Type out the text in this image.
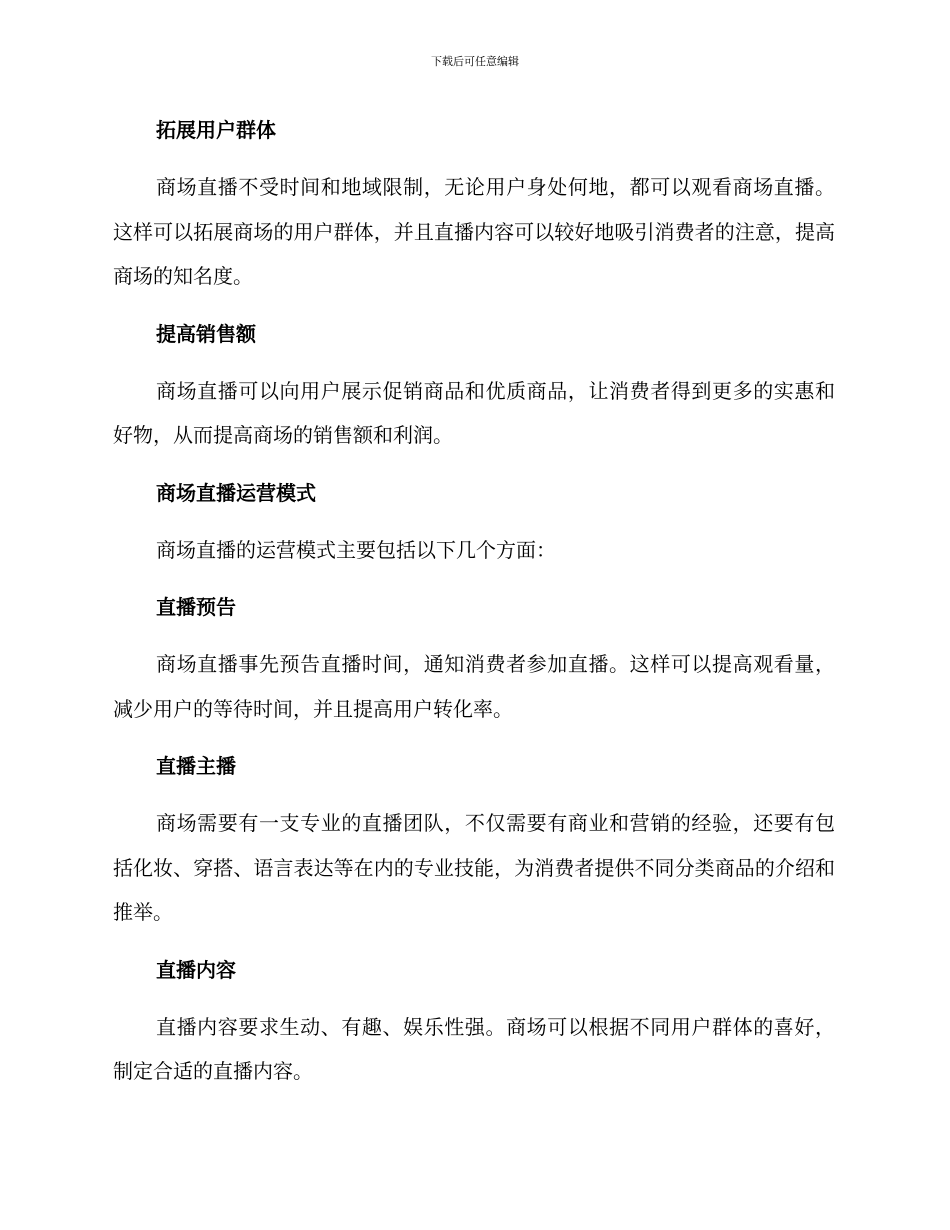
下载后可任意编辑
拓展用户群体
商场直播不受时间和地域限制，无论用户身处何地，都可以观看商场直播。这样可以拓展商场的用户群体，并且直播内容可以较好地吸引消费者的注意，提高商场的知名度。
提高销售额
商场直播可以向用户展示促销商品和优质商品，让消费者得到更多的实惠和好物，从而提高商场的销售额和利润。
商场直播运营模式
商场直播的运营模式主要包括以下几个方面：
直播预告
商场直播事先预告直播时间，通知消费者参加直播。这样可以提高观看量，减少用户的等待时间，并且提高用户转化率。
直播主播
商场需要有一支专业的直播团队，不仅需要有商业和营销的经验，还要有包括化妆、穿搭、语言表达等在内的专业技能，为消费者提供不同分类商品的介绍和推举。
直播内容
直播内容要求生动、有趣、娱乐性强。商场可以根据不同用户群体的喜好，制定合适的直播内容。
